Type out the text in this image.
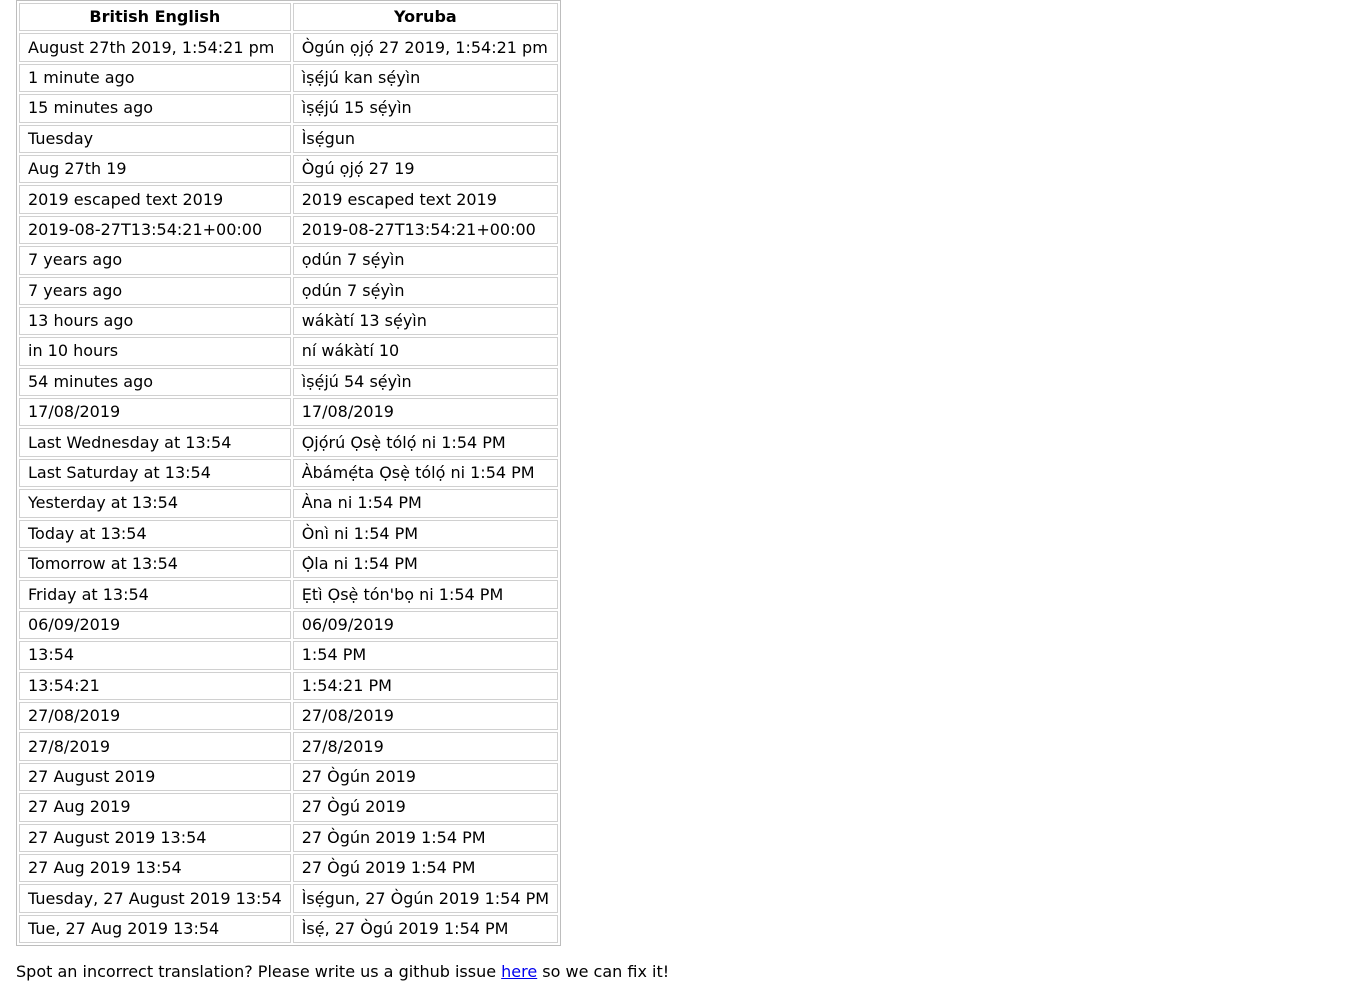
British English	Yoruba
August 27th 2019, 1:54:21 pm	Ògún ọjọ́ 27 2019, 1:54:21 pm
1 minute ago	ìṣẹ́jú kan sẹ́yìn
15 minutes ago	ìṣẹ́jú 15 sẹ́yìn
Tuesday	Ìsẹ́gun
Aug 27th 19	Ògú ọjọ́ 27 19
2019 escaped text 2019	2019 escaped text 2019
2019-08-27T13:54:21+00:00	2019-08-27T13:54:21+00:00
7 years ago	ọdún 7 sẹ́yìn
7 years ago	ọdún 7 sẹ́yìn
13 hours ago	wákàtí 13 sẹ́yìn
in 10 hours	ní wákàtí 10
54 minutes ago	ìṣẹ́jú 54 sẹ́yìn
17/08/2019	17/08/2019
Last Wednesday at 13:54	Ọjọ́rú Ọsẹ̀ tólọ́ ni 1:54 PM
Last Saturday at 13:54	Àbámẹ́ta Ọsẹ̀ tólọ́ ni 1:54 PM
Yesterday at 13:54	Àna ni 1:54 PM
Today at 13:54	Ònì ni 1:54 PM
Tomorrow at 13:54	Ọ̀la ni 1:54 PM
Friday at 13:54	Ẹtì Ọsẹ̀ tón'bọ ni 1:54 PM
06/09/2019	06/09/2019
13:54	1:54 PM
13:54:21	1:54:21 PM
27/08/2019	27/08/2019
27/8/2019	27/8/2019
27 August 2019	27 Ògún 2019
27 Aug 2019	27 Ògú 2019
27 August 2019 13:54	27 Ògún 2019 1:54 PM
27 Aug 2019 13:54	27 Ògú 2019 1:54 PM
Tuesday, 27 August 2019 13:54	Ìsẹ́gun, 27 Ògún 2019 1:54 PM
Tue, 27 Aug 2019 13:54	Ìsẹ́, 27 Ògú 2019 1:54 PM
Spot an incorrect translation? Please write us a github issue here so we can fix it!
